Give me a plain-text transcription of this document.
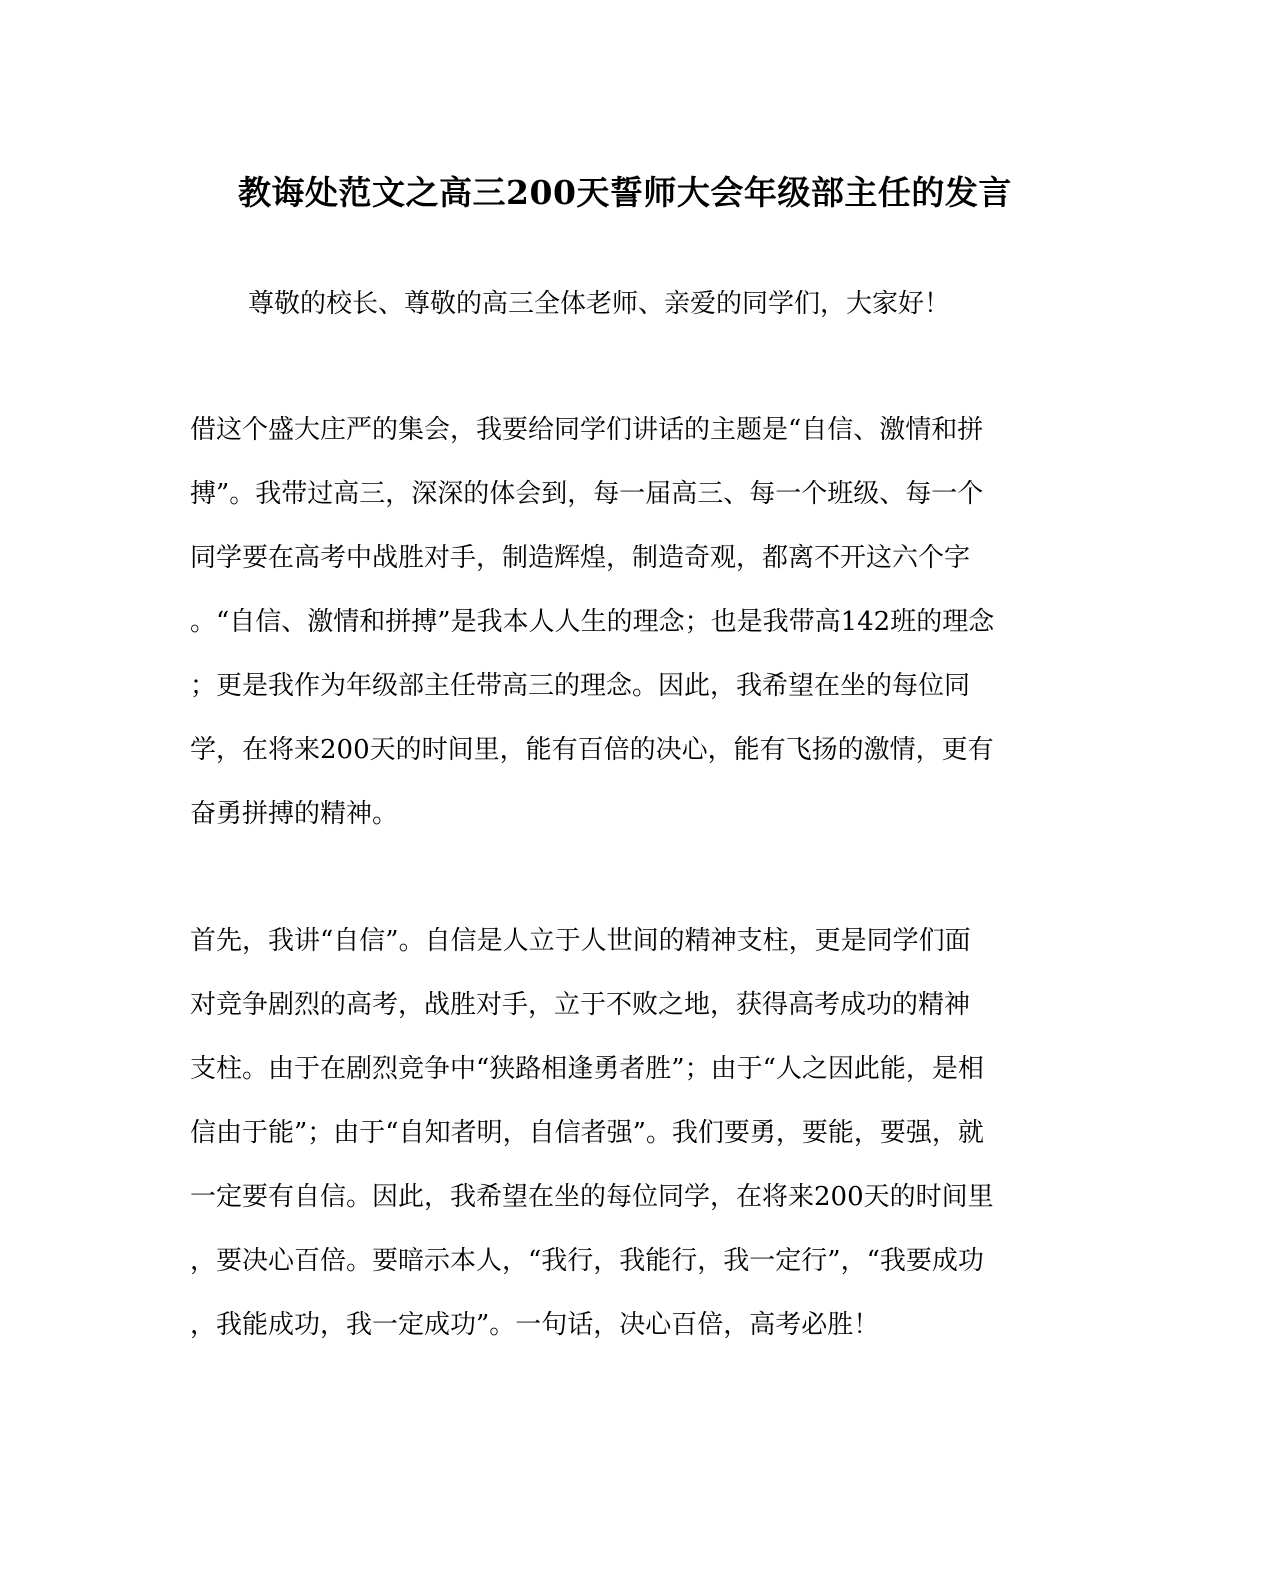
教诲处范文之高三200天誓师大会年级部主任的发言
尊敬的校长、尊敬的高三全体老师、亲爱的同学们，大家好！
借这个盛大庄严的集会，我要给同学们讲话的主题是“自信、激情和拼
搏”。我带过高三，深深的体会到，每一届高三、每一个班级、每一个
同学要在高考中战胜对手，制造辉煌，制造奇观，都离不开这六个字
。“自信、激情和拼搏”是我本人人生的理念；也是我带高142班的理念
；更是我作为年级部主任带高三的理念。因此，我希望在坐的每位同
学，在将来200天的时间里，能有百倍的决心，能有飞扬的激情，更有
奋勇拼搏的精神。
首先，我讲“自信”。自信是人立于人世间的精神支柱，更是同学们面
对竞争剧烈的高考，战胜对手，立于不败之地，获得高考成功的精神
支柱。由于在剧烈竞争中“狭路相逢勇者胜”；由于“人之因此能，是相
信由于能”；由于“自知者明，自信者强”。我们要勇，要能，要强，就
一定要有自信。因此，我希望在坐的每位同学，在将来200天的时间里
，要决心百倍。要暗示本人，“我行，我能行，我一定行”，“我要成功
，我能成功，我一定成功”。一句话，决心百倍，高考必胜！
